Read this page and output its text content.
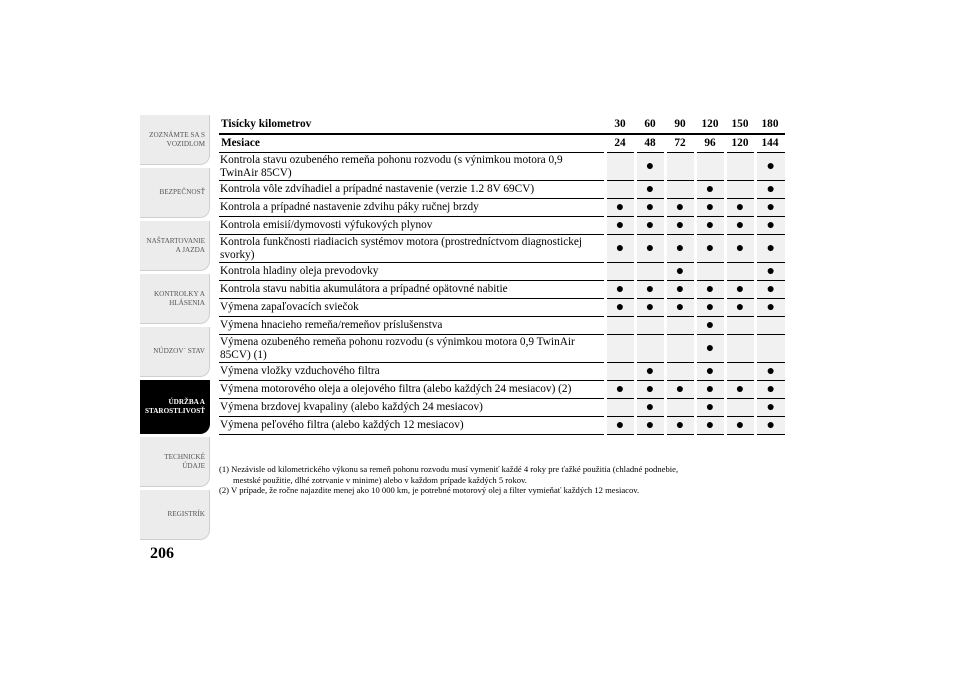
ZOZNÁMTE SA S
VOZIDLOM
BEZPEČNOSŤ
NAŠTARTOVANIE
A JAZDA
KONTROLKY A
HLÁSENIA
NÚDZOV´ STAV
ÚDRŽBA A
STAROSTLIVOSŤ
TECHNICKÉ
ÚDAJE
REGISTRÍK
206
Tisícky kilometrov	30	60	90	120	150	180
Mesiace	24	48	72	96	120	144
Kontrola stavu ozubeného remeňa pohonu rozvodu (s výnimkou motora 0,9 TwinAir 85CV)		●				●
Kontrola vôle zdvíhadiel a prípadné nastavenie (verzie 1.2 8V 69CV)		●		●		●
Kontrola a prípadné nastavenie zdvihu páky ručnej brzdy	●	●	●	●	●	●
Kontrola emisií/dymovosti výfukových plynov	●	●	●	●	●	●
Kontrola funkčnosti riadiacich systémov motora (prostredníctvom diagnostickej svorky)	●	●	●	●	●	●
Kontrola hladiny oleja prevodovky			●			●
Kontrola stavu nabitia akumulátora a prípadné opätovné nabitie	●	●	●	●	●	●
Výmena zapaľovacích sviečok	●	●	●	●	●	●
Výmena hnacieho remeňa/remeňov príslušenstva				●		
Výmena ozubeného remeňa pohonu rozvodu (s výnimkou motora 0,9 TwinAir 85CV) (1)				●		
Výmena vložky vzduchového filtra		●		●		●
Výmena motorového oleja a olejového filtra (alebo každých 24 mesiacov) (2)	●	●	●	●	●	●
Výmena brzdovej kvapaliny (alebo každých 24 mesiacov)		●		●		●
Výmena peľového filtra (alebo každých 12 mesiacov)	●	●	●	●	●	●
(1) Nezávisle od kilometrického výkonu sa remeň pohonu rozvodu musí vymeniť každé 4 roky pre ťažké použitia (chladné podnebie,
mestské použitie, dlhé zotrvanie v minime) alebo v každom prípade každých 5 rokov.
(2) V prípade, že ročne najazdite menej ako 10 000 km, je potrebné motorový olej a filter vymieňať každých 12 mesiacov.
